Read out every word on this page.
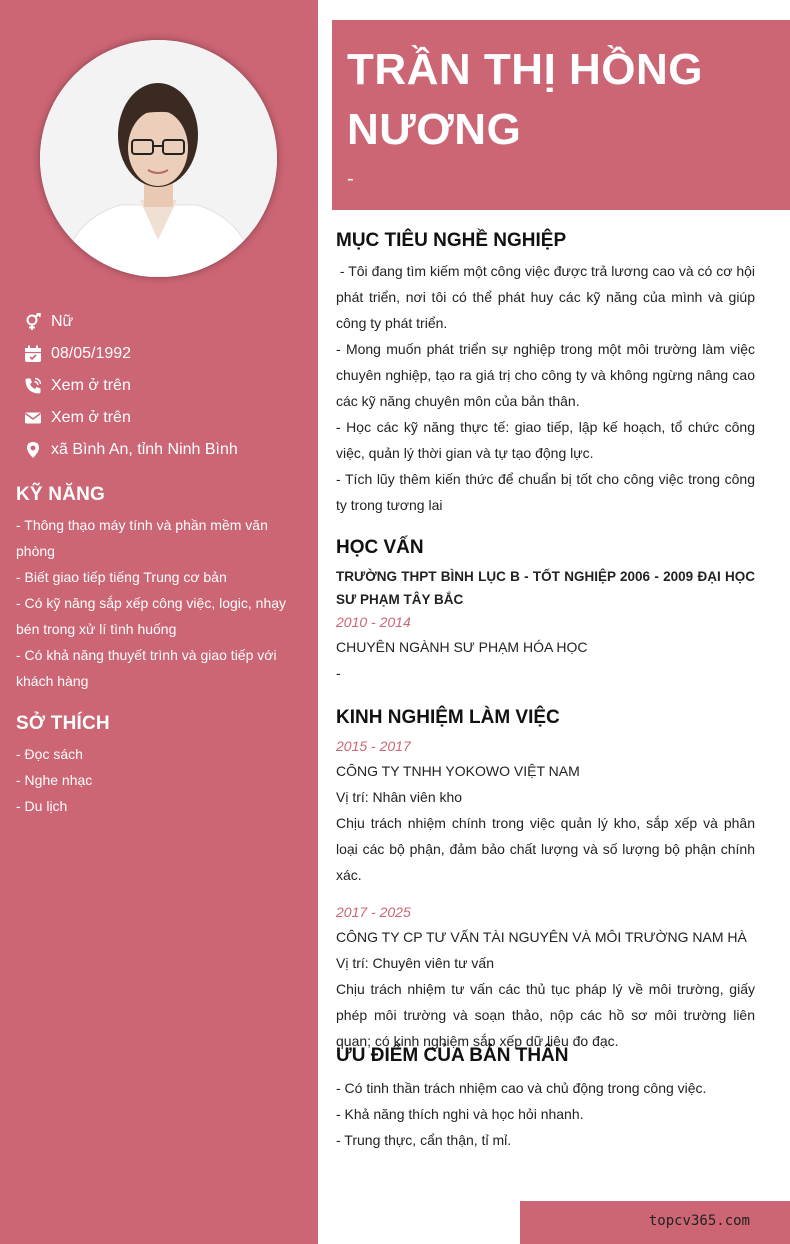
Nữ
08/05/1992
Xem ở trên
Xem ở trên
xã Bình An, tỉnh Ninh Bình
KỸ NĂNG
- Thông thạo máy tính và phần mềm văn
phòng
- Biết giao tiếp tiếng Trung cơ bản
- Có kỹ năng sắp xếp công việc, logic, nhạy
bén trong xử lí tình huống
- Có khả năng thuyết trình và giao tiếp với
khách hàng
SỞ THÍCH
- Đọc sách
- Nghe nhạc
- Du lịch
TRẦN THỊ HỒNG NƯƠNG
-
MỤC TIÊU NGHỀ NGHIỆP
- Tôi đang tìm kiếm một công việc được trả lương cao và có cơ hội phát triển, nơi tôi có thể phát huy các kỹ năng của mình và giúp công ty phát triển.
- Mong muốn phát triển sự nghiệp trong một môi trường làm việc chuyên nghiệp, tạo ra giá trị cho công ty và không ngừng nâng cao các kỹ năng chuyên môn của bản thân.
- Học các kỹ năng thực tế: giao tiếp, lập kế hoạch, tổ chức công việc, quản lý thời gian và tự tạo động lực.
- Tích lũy thêm kiến thức để chuẩn bị tốt cho công việc trong công ty trong tương lai
HỌC VẤN
TRƯỜNG THPT BÌNH LỤC B - TỐT NGHIỆP 2006 - 2009 ĐẠI HỌC SƯ PHẠM TÂY BẮC
2010 - 2014
CHUYÊN NGÀNH SƯ PHẠM HÓA HỌC
-
KINH NGHIỆM LÀM VIỆC
2015 - 2017
CÔNG TY TNHH YOKOWO VIỆT NAM
Vị trí: Nhân viên kho
Chịu trách nhiệm chính trong việc quản lý kho, sắp xếp và phân loại các bộ phận, đảm bảo chất lượng và số lượng bộ phận chính xác.
2017 - 2025
CÔNG TY CP TƯ VẤN TÀI NGUYÊN VÀ MÔI TRƯỜNG NAM HÀ
Vị trí: Chuyên viên tư vấn
Chịu trách nhiệm tư vấn các thủ tục pháp lý về môi trường, giấy phép môi trường và soạn thảo, nộp các hồ sơ môi trường liên quan; có kinh nghiệm sắp xếp dữ liệu đo đạc.
ƯU ĐIỂM CỦA BẢN THÂN
- Có tinh thần trách nhiệm cao và chủ động trong công việc.
- Khả năng thích nghi và học hỏi nhanh.
- Trung thực, cẩn thận, tỉ mỉ.
topcv365.com
